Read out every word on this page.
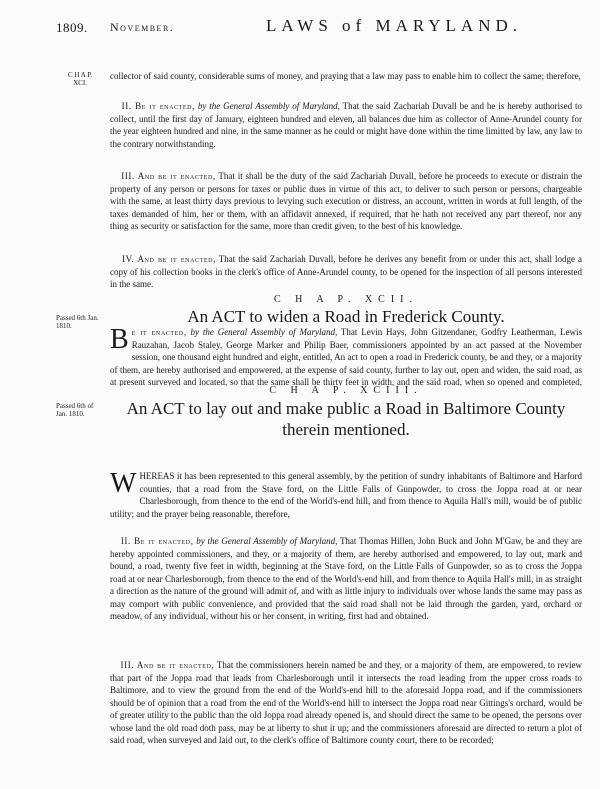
1809. November.	LAWS of MARYLAND.
C H A P.
XCI.

collector of said county, considerable sums of money, and praying that a law may pass to enable him to collect the same; therefore,

II. Be it enacted, by the General Assembly of Maryland, That the said Zachariah Duvall be and he is hereby authorised to collect, until the first day of January, eighteen hundred and eleven, all balances due him as collector of Anne-Arundel county for the year eighteen hundred and nine, in the same manner as he could or might have done within the time limitted by law, any law to the contrary notwithstanding.

III. And be it enacted, That it shall be the duty of the said Zachariah Duvall, before he proceeds to execute or distrain the property of any person or persons for taxes or public dues in virtue of this act, to deliver to such person or persons, chargeable with the same, at least thirty days previous to levying such execution or distress, an account, written in words at full length, of the taxes demanded of him, her or them, with an affidavit annexed, if required, that he hath not received any part thereof, nor any thing as security or satisfaction for the same, more than credit given, to the best of his knowledge.

IV. And be it enacted, That the said Zachariah Duvall, before he derives any benefit from or under this act, shall lodge a copy of his collection books in the clerk's office of Anne-Arundel county, to be opened for the inspection of all persons interested in the same.

C H A P. XCII.
Passed 6th Jan. 1810.	An ACT to widen a Road in Frederick County.

B e it enacted, by the General Assembly of Maryland, That Levin Hays, John Gitzendaner, Godfry Leatherman, Lewis Rauzahan, Jacob Staley, George Marker and Philip Baer, commissioners appointed by an act passed at the November session, one thousand eight hundred and eight, entitled, An act to open a road in Frederick county, be and they, or a majority of them, are hereby authorised and empowered, at the expense of said county, further to lay out, open and widen, the said road, as at present surveyed and located, so that the same shall be thirty feet in width, and the said road, when so opened and completed,

C H A P. XCIII.
Passed 6th of Jan. 1810.	An ACT to lay out and make public a Road in Baltimore County therein mentioned.

W HEREAS it has been represented to this general assembly, by the petition of sundry inhabitants of Baltimore and Harford counties, that a road from the Stave ford, on the Little Falls of Gunpowder, to cross the Joppa road at or near Charlesborough, from thence to the end of the World's-end hill, and from thence to Aquila Hall's mill, would be of public utility; and the prayer being reasonable, therefore,

II. Be it enacted, by the General Assembly of Maryland, That Thomas Hillen, John Buck and John M'Gaw, be and they are hereby appointed commissioners, and they, or a majority of them, are hereby authorised and empowered, to lay out, mark and bound, a road, twenty five feet in width, beginning at the Stave ford, on the Little Falls of Gunpowder, so as to cross the Joppa road at or near Charlesborough, from thence to the end of the World's-end hill, and from thence to Aquila Hall's mill, in as straight a direction as the nature of the ground will admit of, and with as little injury to individuals over whose lands the same may pass as may comport with public convenience, and provided that the said road shall not be laid through the garden, yard, orchard or meadow, of any individual, without his or her consent, in writing, first had and obtained.

III. And be it enacted, That the commissioners herein named be and they, or a majority of them, are empowered, to review that part of the Joppa road that leads from Charlesborough until it intersects the road leading from the upper cross roads to Baltimore, and to view the ground from the end of the World's-end hill to the aforesaid Joppa road, and if the commissioners should be of opinion that a road from the end of the World's-end hill to intersect the Joppa road near Gittings's orchard, would be of greater utility to the public than the old Joppa road already opened is, and should direct the same to be opened, the persons over whose land the old road doth pass, may be at liberty to shut it up; and the commissioners aforesaid are directed to return a plot of said road, when surveyed and laid out, to the clerk's office of Baltimore county court, there to be recorded;
